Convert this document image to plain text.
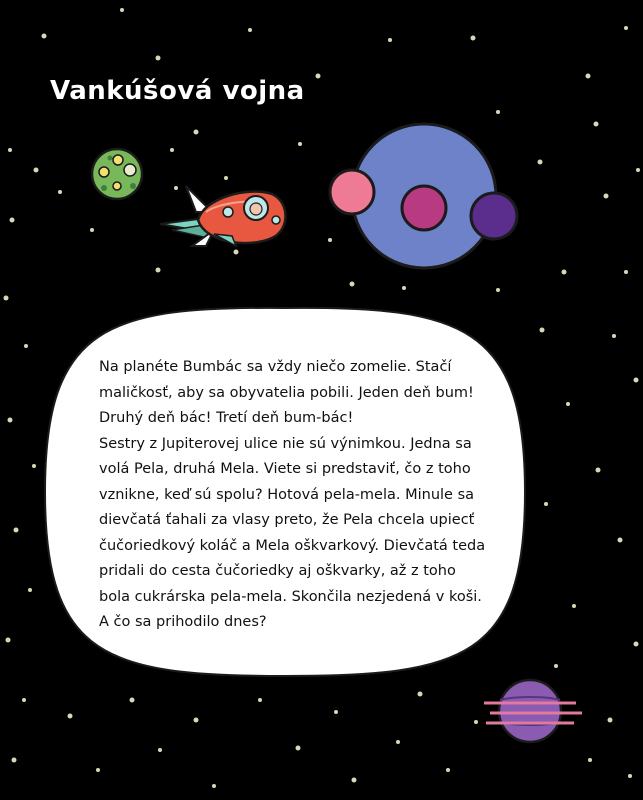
Vankúšová vojna

Na planéte Bumbác sa vždy niečo zomelie. Stačí maličkosť, aby sa obyvatelia pobili. Jeden deň bum! Druhý deň bác! Tretí deň bum-bác!

Sestry z Jupiterovej ulice nie sú výnimkou. Jedna sa volá Pela, druhá Mela. Viete si predstaviť, čo z toho vznikne, keď sú spolu? Hotová pela-mela. Minule sa dievčatá ťahali za vlasy preto, že Pela chcela upiecť čučoriedkový koláč a Mela oškvarkový. Dievčatá teda pridali do cesta čučoriedky aj oškvarky, až z toho bola cukrárska pela-mela. Skončila nezjedená v koši. A čo sa prihodilo dnes?
